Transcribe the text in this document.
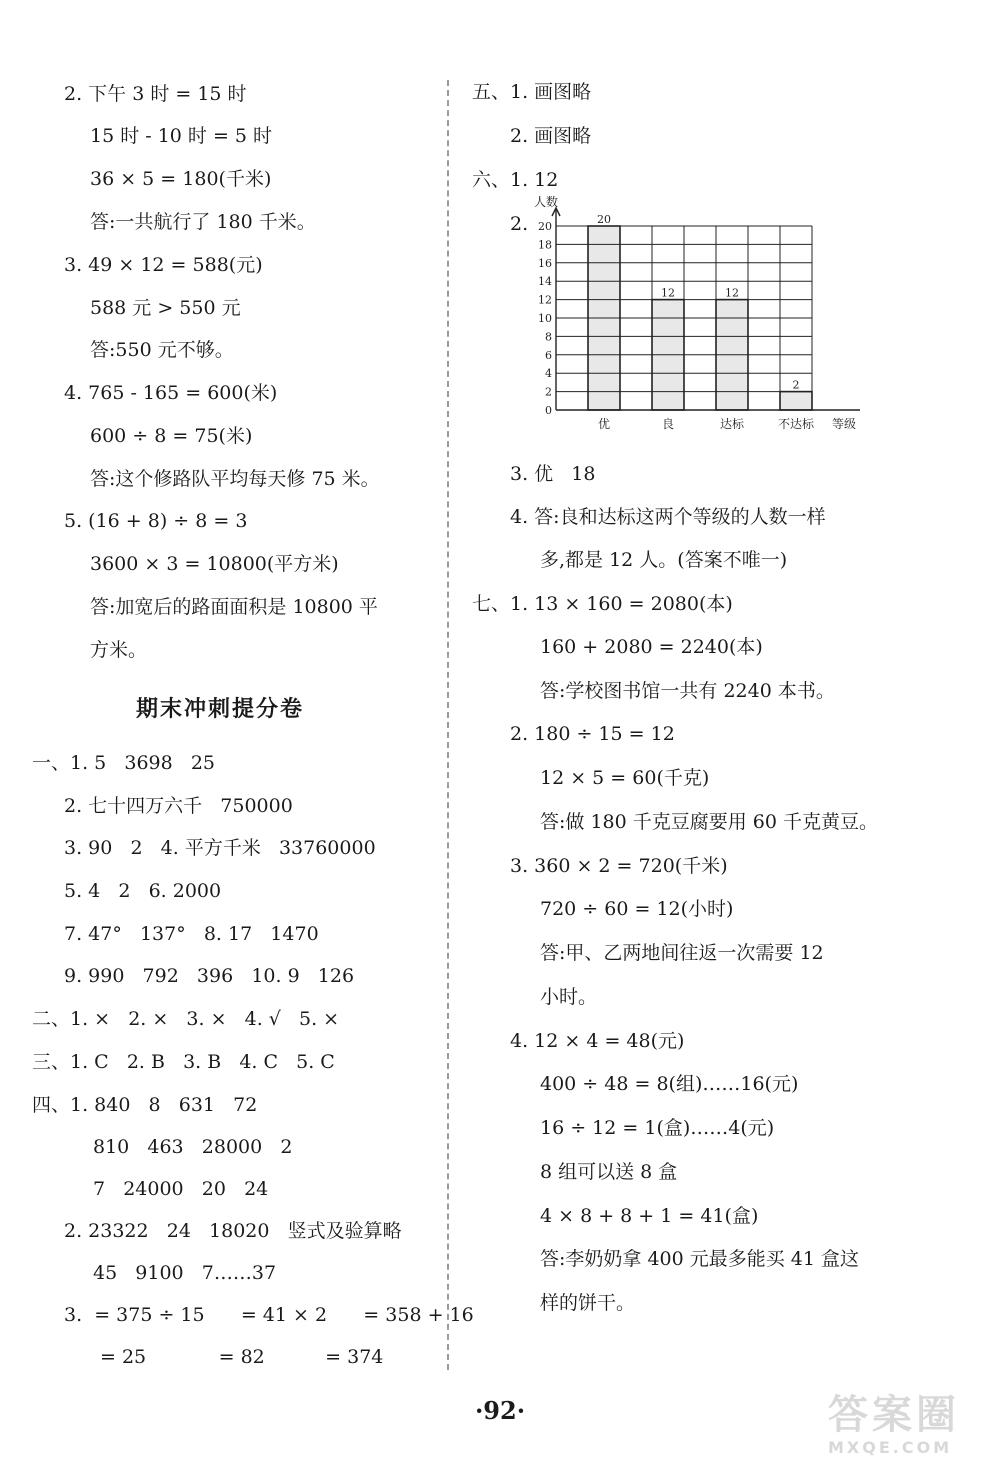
2. 下午 3 时 = 15 时
15 时 - 10 时 = 5 时
36 × 5 = 180(千米)
答:一共航行了 180 千米。
3. 49 × 12 = 588(元)
588 元 > 550 元
答:550 元不够。
4. 765 - 165 = 600(米)
600 ÷ 8 = 75(米)
答:这个修路队平均每天修 75 米。
5. (16 + 8) ÷ 8 = 3
3600 × 3 = 10800(平方米)
答:加宽后的路面面积是 10800 平
方米。
一、1. 5   3698   25
2. 七十四万六千   750000
3. 90   2   4. 平方千米   33760000
5. 4   2   6. 2000
7. 47°   137°   8. 17   1470
9. 990   792   396   10. 9   126
二、1. ×   2. ×   3. ×   4. √   5. ×
三、1. C   2. B   3. B   4. C   5. C
四、1. 840   8   631   72
810   463   28000   2
7   24000   20   24
2. 23322   24   18020   竖式及验算略
45   9100   7……37
3.  = 375 ÷ 15      = 41 × 2      = 358 + 16
= 25            = 82          = 374
期末冲刺提分卷
五、1. 画图略
2. 画图略
六、1. 12
2.
3. 优   18
4. 答:良和达标这两个等级的人数一样
多,都是 12 人。(答案不唯一)
七、1. 13 × 160 = 2080(本)
160 + 2080 = 2240(本)
答:学校图书馆一共有 2240 本书。
2. 180 ÷ 15 = 12
12 × 5 = 60(千克)
答:做 180 千克豆腐要用 60 千克黄豆。
3. 360 × 2 = 720(千米)
720 ÷ 60 = 12(小时)
答:甲、乙两地间往返一次需要 12
小时。
4. 12 × 4 = 48(元)
400 ÷ 48 = 8(组)……16(元)
16 ÷ 12 = 1(盒)……4(元)
8 组可以送 8 盒
4 × 8 + 8 + 1 = 41(盒)
答:李奶奶拿 400 元最多能买 41 盒这
样的饼干。
0
2
4
6
8
10
12
14
16
18
20
20
12	12
2
优	良	达标	不达标
人数
等级
·92·	答案圈
MXQE.COM
